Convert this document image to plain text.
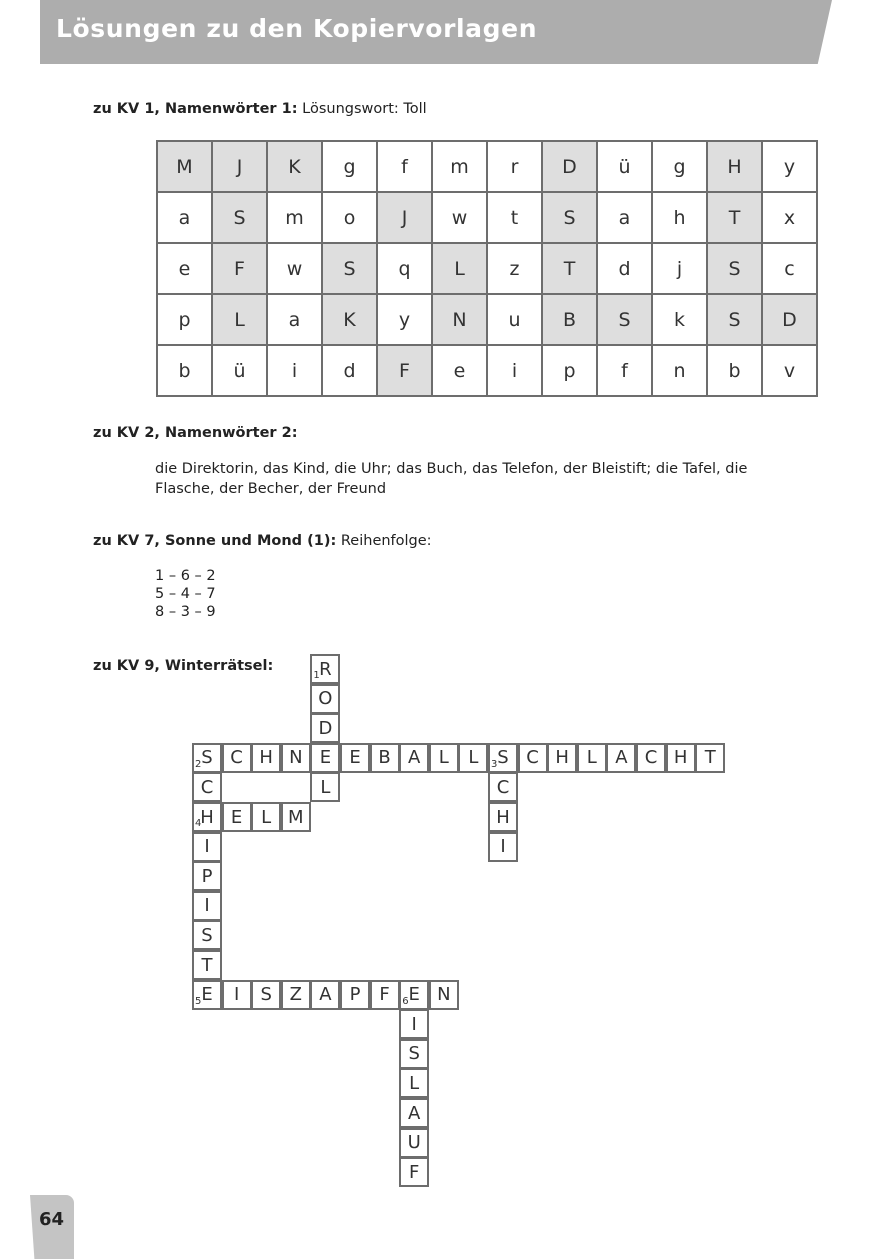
Lösungen zu den Kopiervorlagen
zu KV 1, Namenwörter 1: Lösungswort: Toll
M	J	K	g	f	m	r	D	ü	g	H	y
a	S	m	o	J	w	t	S	a	h	T	x
e	F	w	S	q	L	z	T	d	j	S	c
p	L	a	K	y	N	u	B	S	k	S	D
b	ü	i	d	F	e	i	p	f	n	b	v
zu KV 2, Namenwörter 2:
die Direktorin, das Kind, die Uhr; das Buch, das Telefon, der Bleistift; die Tafel, die Flasche, der Becher, der Freund
zu KV 7, Sonne und Mond (1): Reihenfolge:
1 – 6 – 2
5 – 4 – 7
8 – 3 – 9
zu KV 9, Winterrätsel:
1 R
O
D
E
L
2 S C H N	E B A L L 3 S C H L A C H T
C
H
I
4
H E L M
C
I
P
I
S
T
5 E I S Z A P F 6 E N
I
S
L
A
U
F
64
